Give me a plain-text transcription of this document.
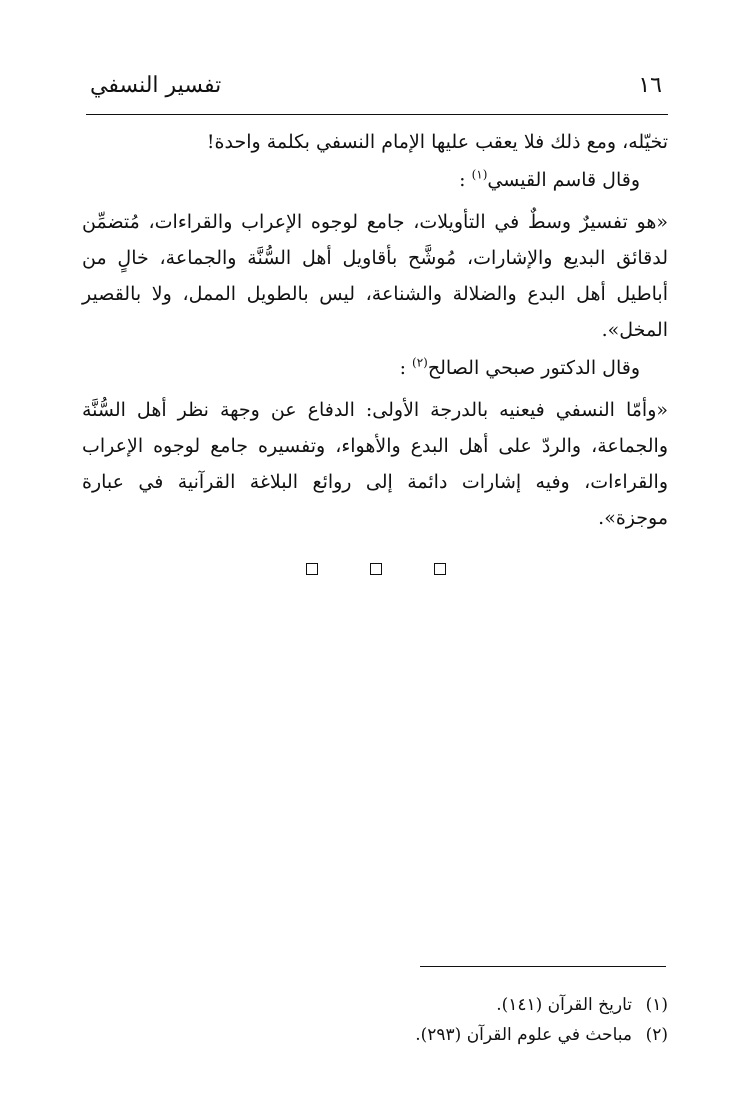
١٦
تفسير النسفي

تخيّله، ومع ذلك فلا يعقب عليها الإمام النسفي بكلمة واحدة!

وقال قاسم القيسي$^{(١)}$ :

«هو تفسيرٌ وسطٌ في التأويلات، جامع لوجوه الإعراب والقراءات، مُتضمِّن لدقائق البديع والإشارات، مُوشَّح بأقاويل أهل السُّنَّة والجماعة، خالٍ من أباطيل أهل البدع والضلالة والشناعة، ليس بالطويل الممل، ولا بالقصير المخل».

وقال الدكتور صبحي الصالح$^{(٢)}$ :

«وأمّا النسفي فيعنيه بالدرجة الأولى: الدفاع عن وجهة نظر أهل السُّنَّة والجماعة، والردّ على أهل البدع والأهواء، وتفسيره جامع لوجوه الإعراب والقراءات، وفيه إشارات دائمة إلى روائع البلاغة القرآنية في عبارة موجزة».

(١)تاريخ القرآن (١٤١).
(٢)مباحث في علوم القرآن (٢٩٣).
